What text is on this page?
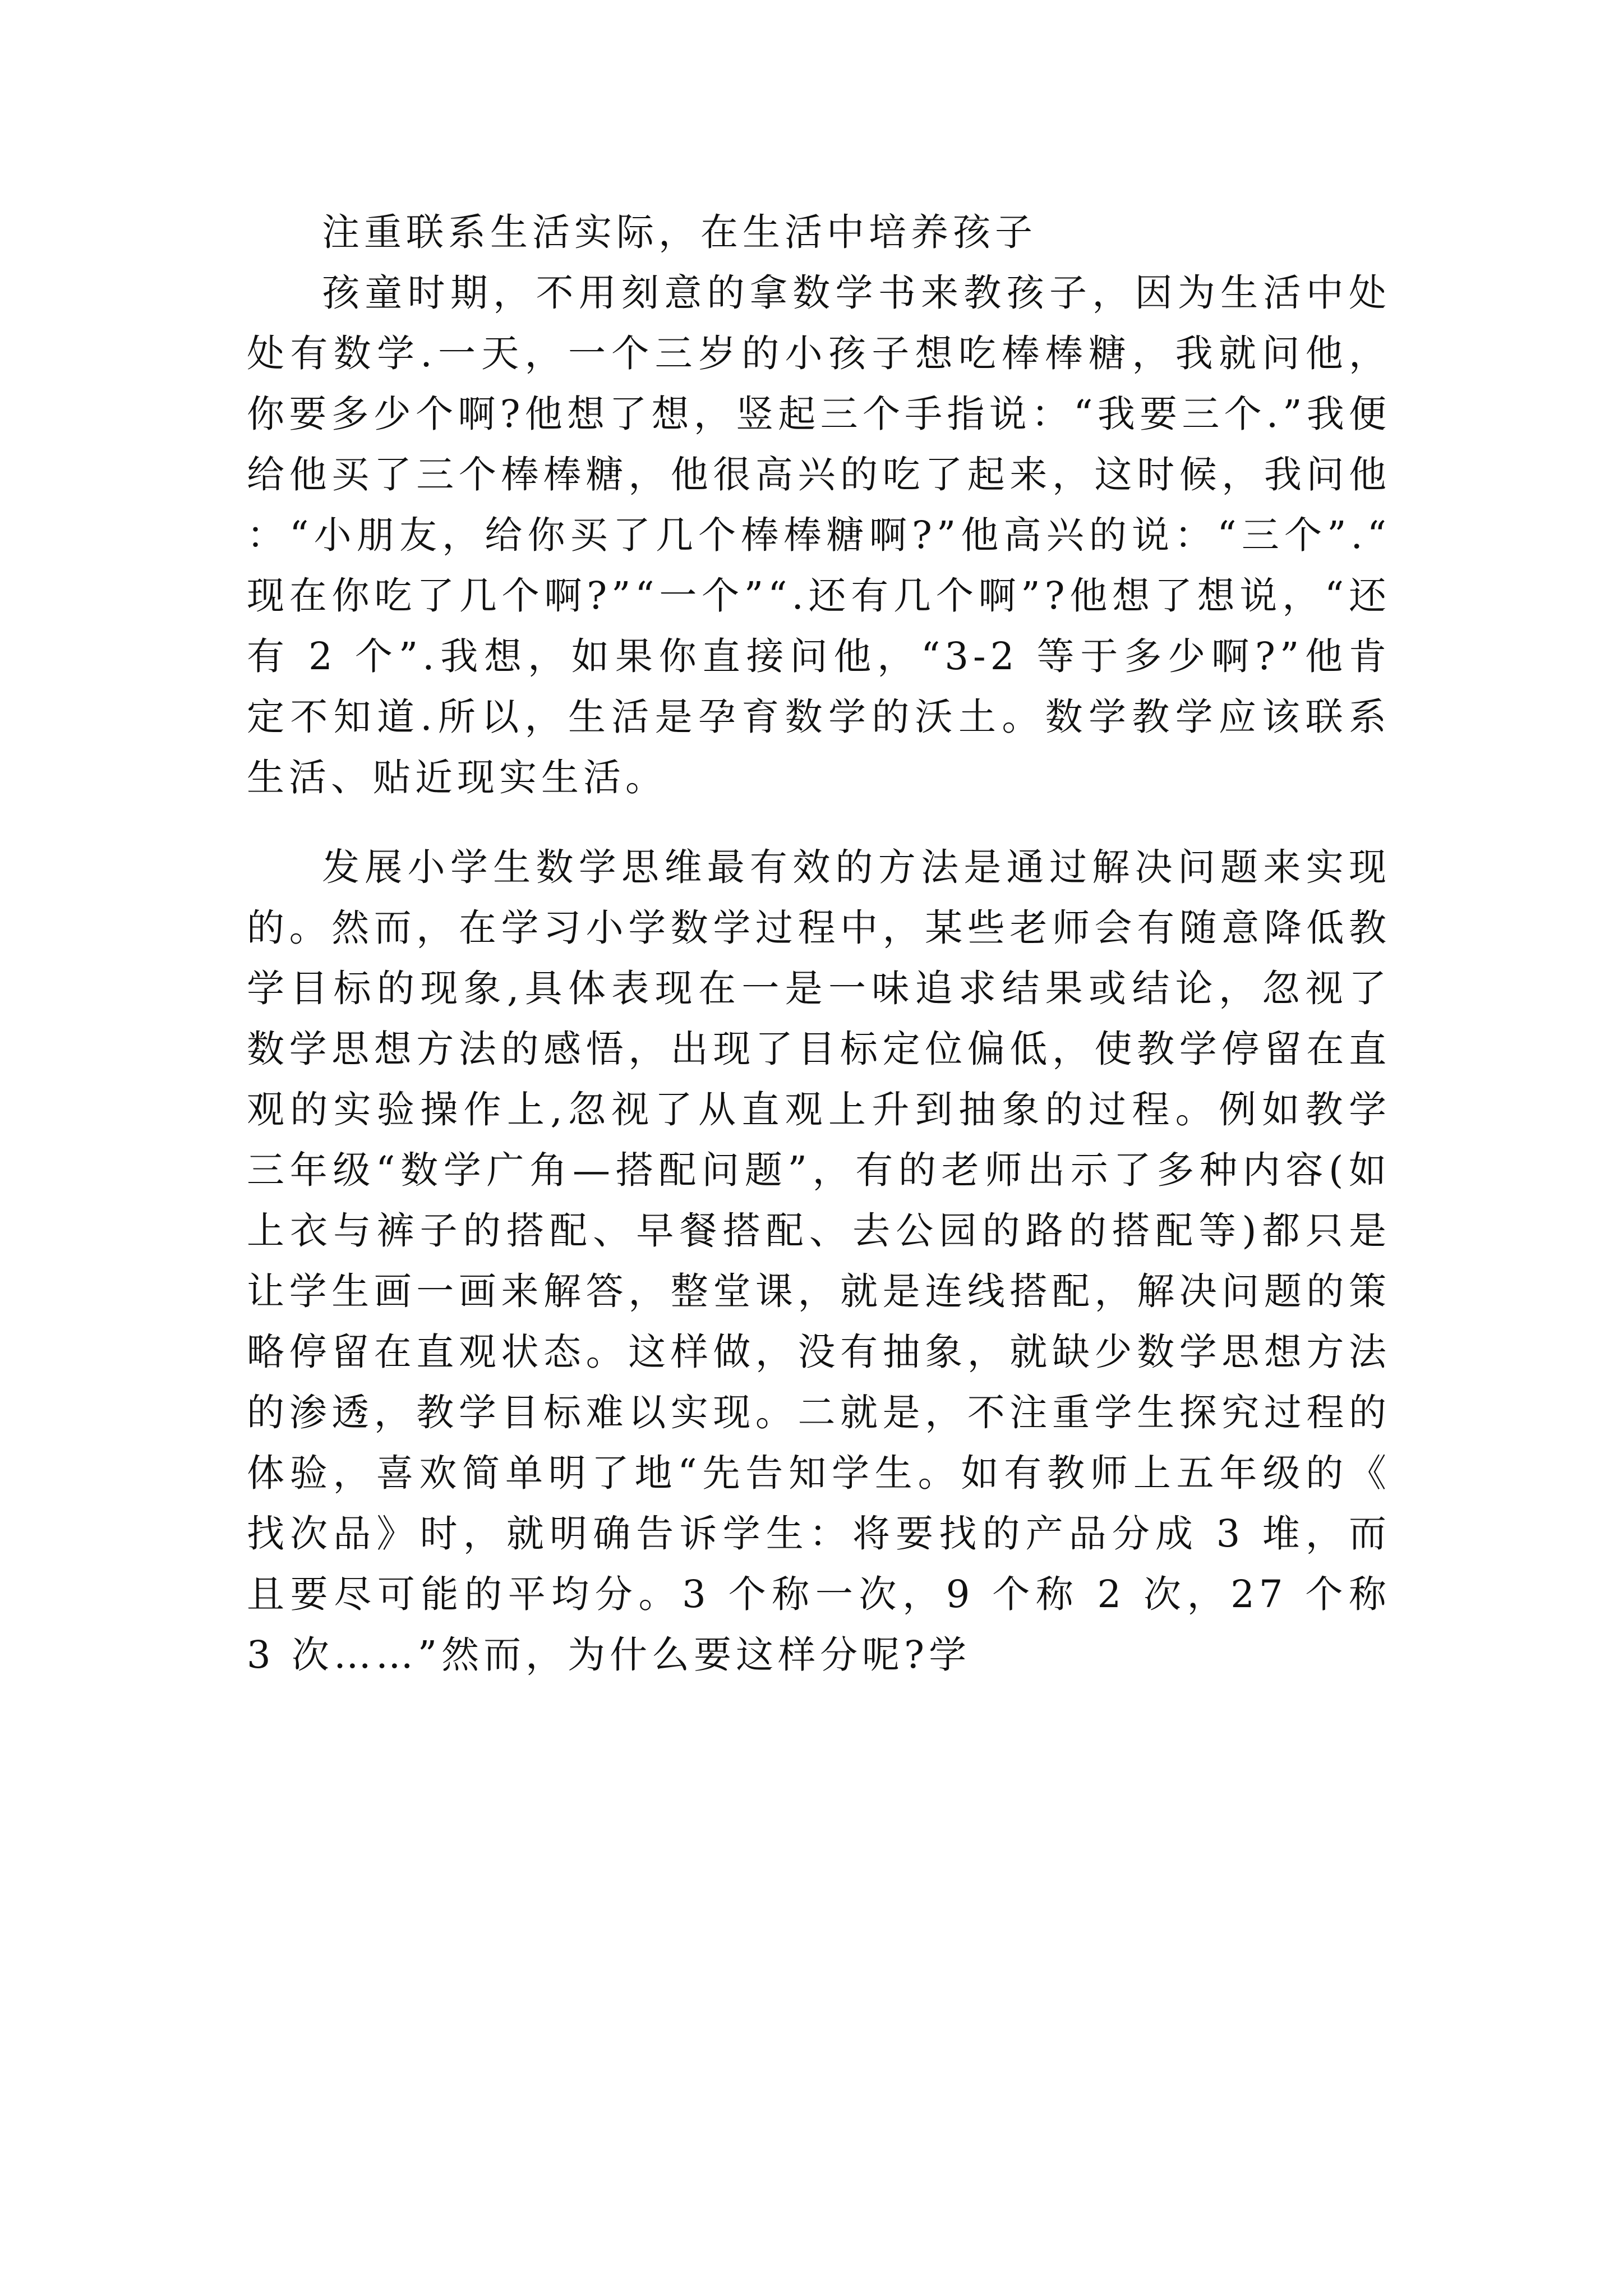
注重联系生活实际，在生活中培养孩子

孩童时期，不用刻意的拿数学书来教孩子，因为生活中处处有数学.一天，一个三岁的小孩子想吃棒棒糖，我就问他，你要多少个啊?他想了想，竖起三个手指说：“我要三个.”我便给他买了三个棒棒糖，他很高兴的吃了起来，这时候，我问他：“小朋友，给你买了几个棒棒糖啊?”他高兴的说：“三个”.“现在你吃了几个啊?”“一个”“.还有几个啊”?他想了想说，“还有 2 个”.我想，如果你直接问他，“3-2 等于多少啊?”他肯定不知道.所以，生活是孕育数学的沃土。数学教学应该联系生活、贴近现实生活。

发展小学生数学思维最有效的方法是通过解决问题来实现的。然而，在学习小学数学过程中，某些老师会有随意降低教学目标的现象,具体表现在一是一味追求结果或结论，忽视了数学思想方法的感悟，出现了目标定位偏低，使教学停留在直观的实验操作上,忽视了从直观上升到抽象的过程。例如教学三年级“数学广角—搭配问题”，有的老师出示了多种内容(如上衣与裤子的搭配、早餐搭配、去公园的路的搭配等)都只是让学生画一画来解答，整堂课，就是连线搭配，解决问题的策略停留在直观状态。这样做，没有抽象，就缺少数学思想方法的渗透，教学目标难以实现。二就是，不注重学生探究过程的体验，喜欢简单明了地“先告知学生。如有教师上五年级的《找次品》时，就明确告诉学生：将要找的产品分成 3 堆，而且要尽可能的平均分。3 个称一次，9 个称 2 次，27 个称 3 次……”然而，为什么要这样分呢?学
